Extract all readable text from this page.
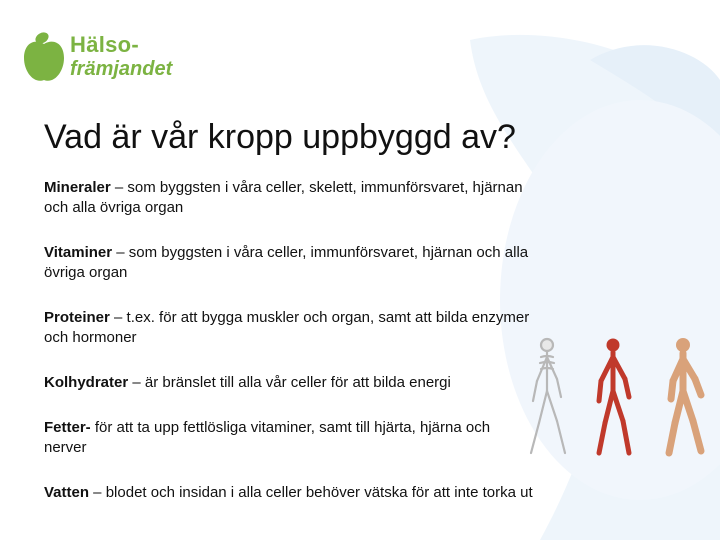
Hälso-
främjandet
Vad är vår kropp uppbyggd av?

Mineraler – som byggsten i våra celler, skelett, immunförsvaret, hjärnan och alla övriga organ

Vitaminer – som byggsten i våra celler, immunförsvaret, hjärnan och alla övriga organ

Proteiner – t.ex. för att bygga muskler och organ, samt att bilda enzymer och hormoner

Kolhydrater – är bränslet till alla vår celler för att bilda energi

Fetter- för att ta upp fettlösliga vitaminer, samt till hjärta, hjärna och nerver

Vatten – blodet och insidan i alla celler behöver vätska för att inte torka ut
